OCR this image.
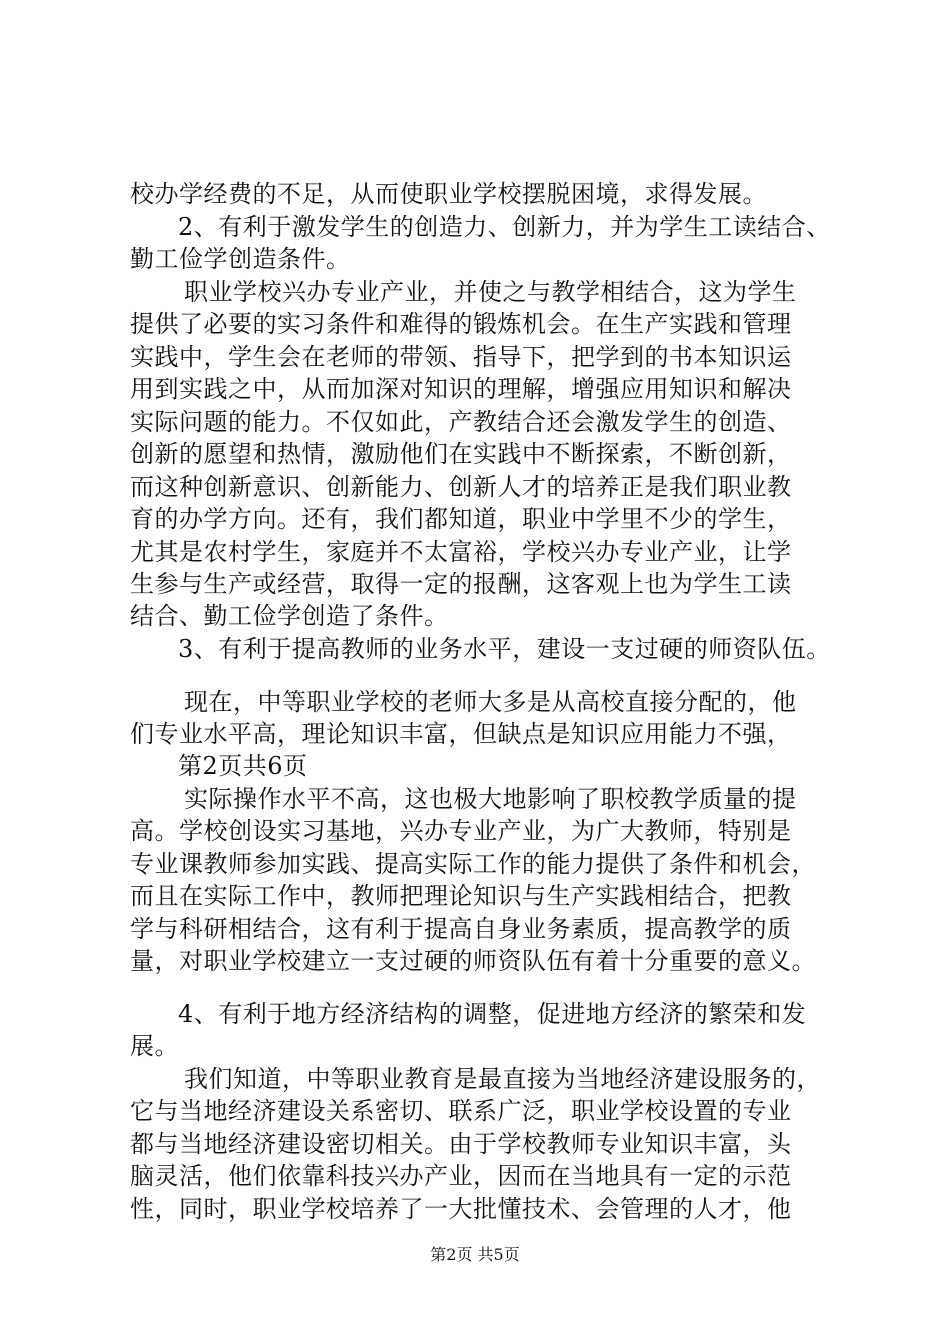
校办学经费的不足，从而使职业学校摆脱困境，求得发展。
2、有利于激发学生的创造力、创新力，并为学生工读结合、
勤工俭学创造条件。
职业学校兴办专业产业，并使之与教学相结合，这为学生
提供了必要的实习条件和难得的锻炼机会。在生产实践和管理
实践中，学生会在老师的带领、指导下，把学到的书本知识运
用到实践之中，从而加深对知识的理解，增强应用知识和解决
实际问题的能力。不仅如此，产教结合还会激发学生的创造、
创新的愿望和热情，激励他们在实践中不断探索，不断创新，
而这种创新意识、创新能力、创新人才的培养正是我们职业教
育的办学方向。还有，我们都知道，职业中学里不少的学生，
尤其是农村学生，家庭并不太富裕，学校兴办专业产业，让学
生参与生产或经营，取得一定的报酬，这客观上也为学生工读
结合、勤工俭学创造了条件。
3、有利于提高教师的业务水平，建设一支过硬的师资队伍。
现在，中等职业学校的老师大多是从高校直接分配的，他
们专业水平高，理论知识丰富，但缺点是知识应用能力不强，
第2页共6页
实际操作水平不高，这也极大地影响了职校教学质量的提
高。学校创设实习基地，兴办专业产业，为广大教师，特别是
专业课教师参加实践、提高实际工作的能力提供了条件和机会，
而且在实际工作中，教师把理论知识与生产实践相结合，把教
学与科研相结合，这有利于提高自身业务素质，提高教学的质
量，对职业学校建立一支过硬的师资队伍有着十分重要的意义。
4、有利于地方经济结构的调整，促进地方经济的繁荣和发
展。
我们知道，中等职业教育是最直接为当地经济建设服务的，
它与当地经济建设关系密切、联系广泛，职业学校设置的专业
都与当地经济建设密切相关。由于学校教师专业知识丰富，头
脑灵活，他们依靠科技兴办产业，因而在当地具有一定的示范
性，同时，职业学校培养了一大批懂技术、会管理的人才，他
第2页 共5页
